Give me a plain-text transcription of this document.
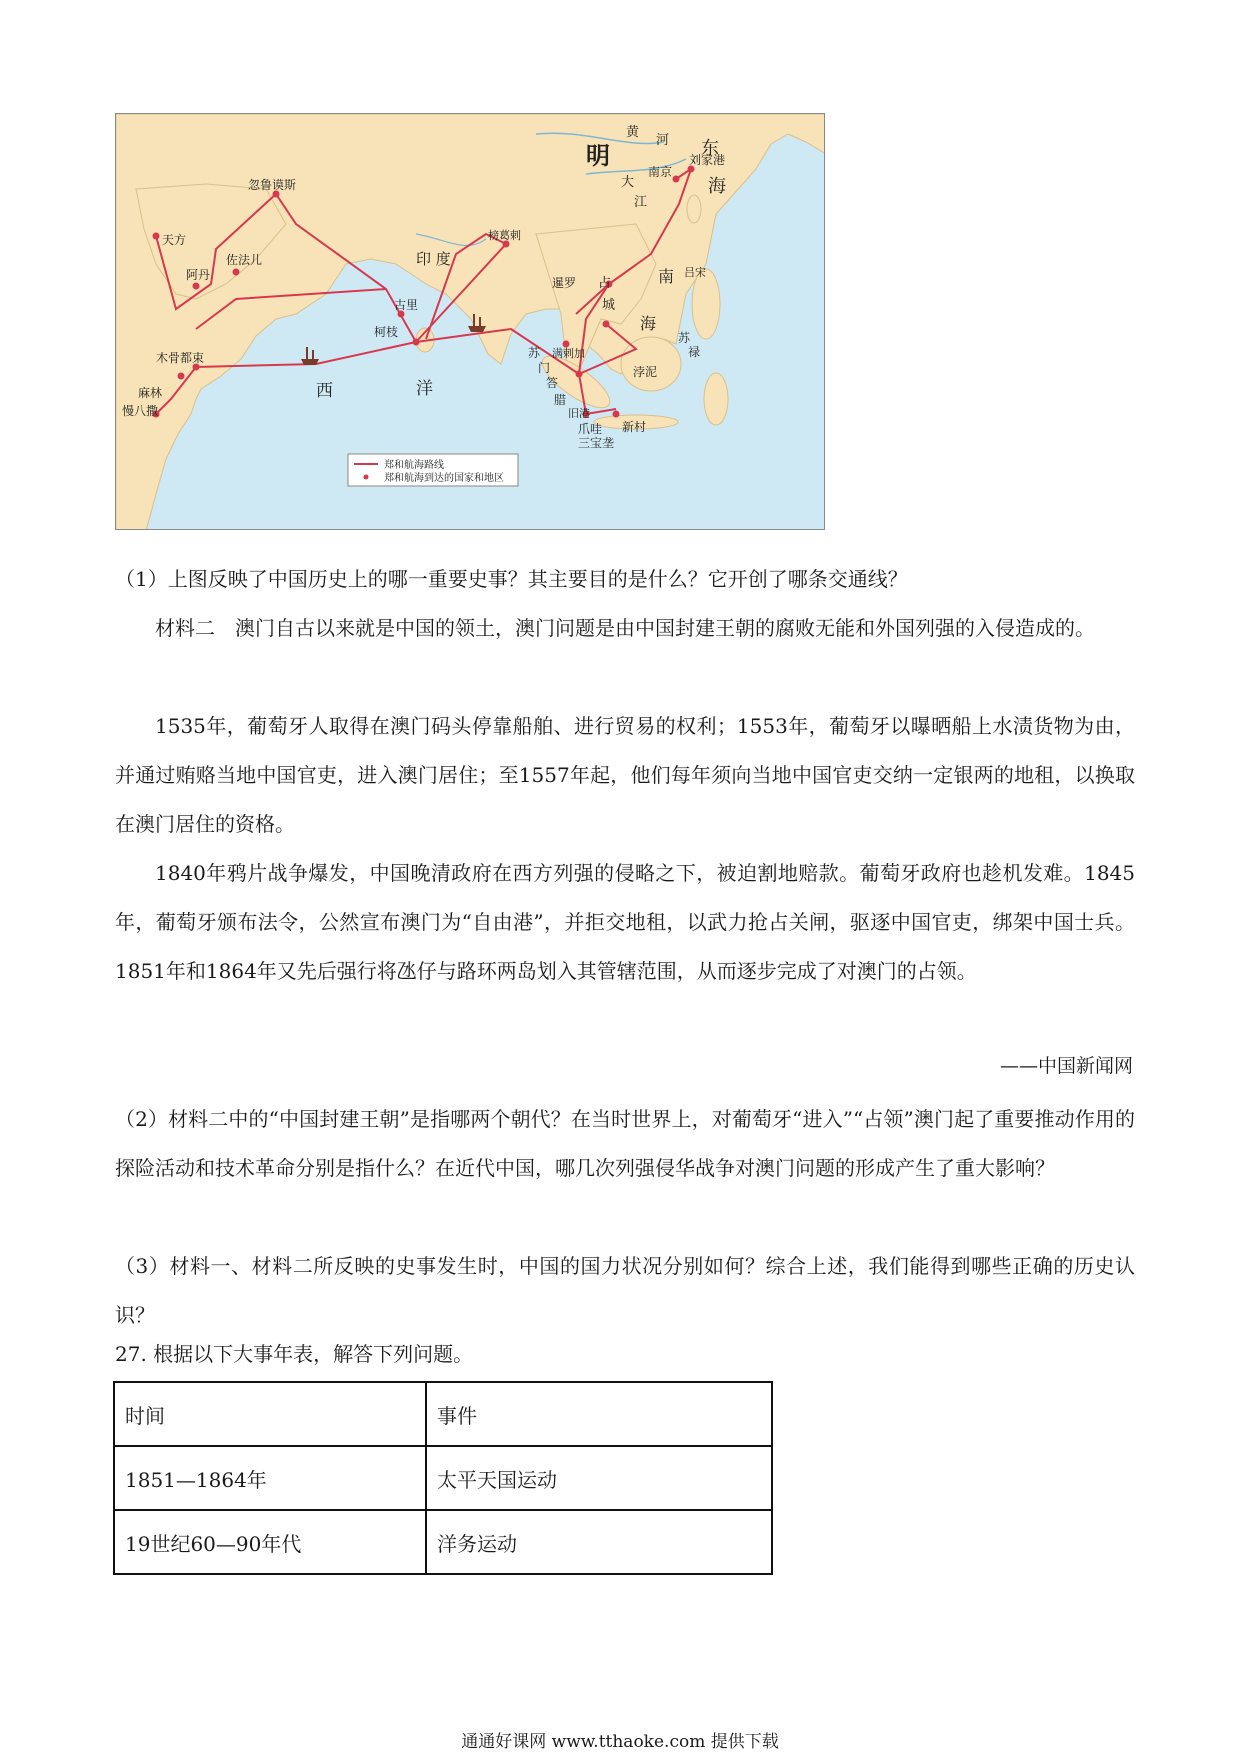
明
黄
河 东
海
南京
刘家港
大
江
忽鲁谟斯
天方
佐法儿
阿丹
榜葛剌
印 度
古里
柯枝
木骨都束
麻林
慢八撒
西	洋
暹罗 占
城
南
海
吕宋
苏
禄
浡泥
苏
门
答
腊
满剌加
旧港
爪哇 新村
三宝垄
郑和航海路线
郑和航海到达的国家和地区

（1）上图反映了中国历史上的哪一重要史事？其主要目的是什么？它开创了哪条交通线？

材料二　澳门自古以来就是中国的领土，澳门问题是由中国封建王朝的腐败无能和外国列强的入侵造成的。

1535年，葡萄牙人取得在澳门码头停靠船舶、进行贸易的权利；1553年，葡萄牙以曝晒船上水渍货物为由，并通过贿赂当地中国官吏，进入澳门居住；至1557年起，他们每年须向当地中国官吏交纳一定银两的地租，以换取在澳门居住的资格。

1840年鸦片战争爆发，中国晚清政府在西方列强的侵略之下，被迫割地赔款。葡萄牙政府也趁机发难。1845年，葡萄牙颁布法令，公然宣布澳门为“自由港”，并拒交地租，以武力抢占关闸，驱逐中国官吏，绑架中国士兵。1851年和1864年又先后强行将氹仔与路环两岛划入其管辖范围，从而逐步完成了对澳门的占领。

——中国新闻网

（2）材料二中的“中国封建王朝”是指哪两个朝代？在当时世界上，对葡萄牙“进入”“占领”澳门起了重要推动作用的探险活动和技术革命分别是指什么？在近代中国，哪几次列强侵华战争对澳门问题的形成产生了重大影响？

（3）材料一、材料二所反映的史事发生时，中国的国力状况分别如何？综合上述，我们能得到哪些正确的历史认识？

27. 根据以下大事年表，解答下列问题。

时间	事件
1851—1864年	太平天国运动
19世纪60—90年代	洋务运动

通通好课网 www.tthaoke.com 提供下载
